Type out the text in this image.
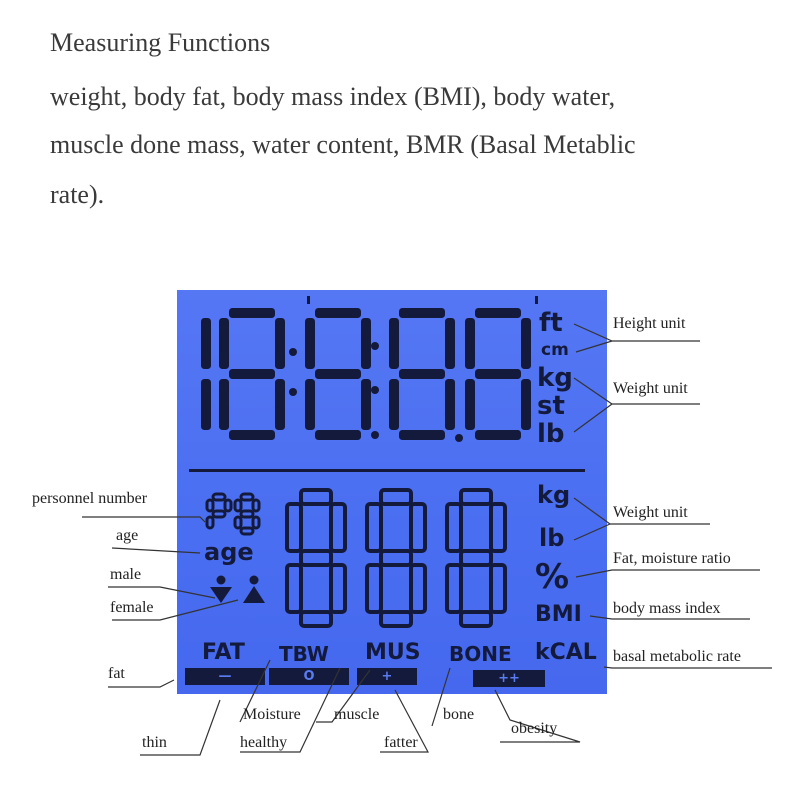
Measuring Functions
weight, body fat, body mass index (BMI), body water,
muscle done mass, water content, BMR (Basal Metablic
rate).
ft
cm
kg
st
lb
age
kg
lb
%
BMI
kCAL
FAT TBW MUS BONE
—	O	+	++
Height unit
Weight unit
Weight unit
Fat, moisture ratio
body mass index
basal metabolic rate
personnel number
age
male
female
fat
thin
Moisture
healthy
muscle
fatter
bone
obesity
